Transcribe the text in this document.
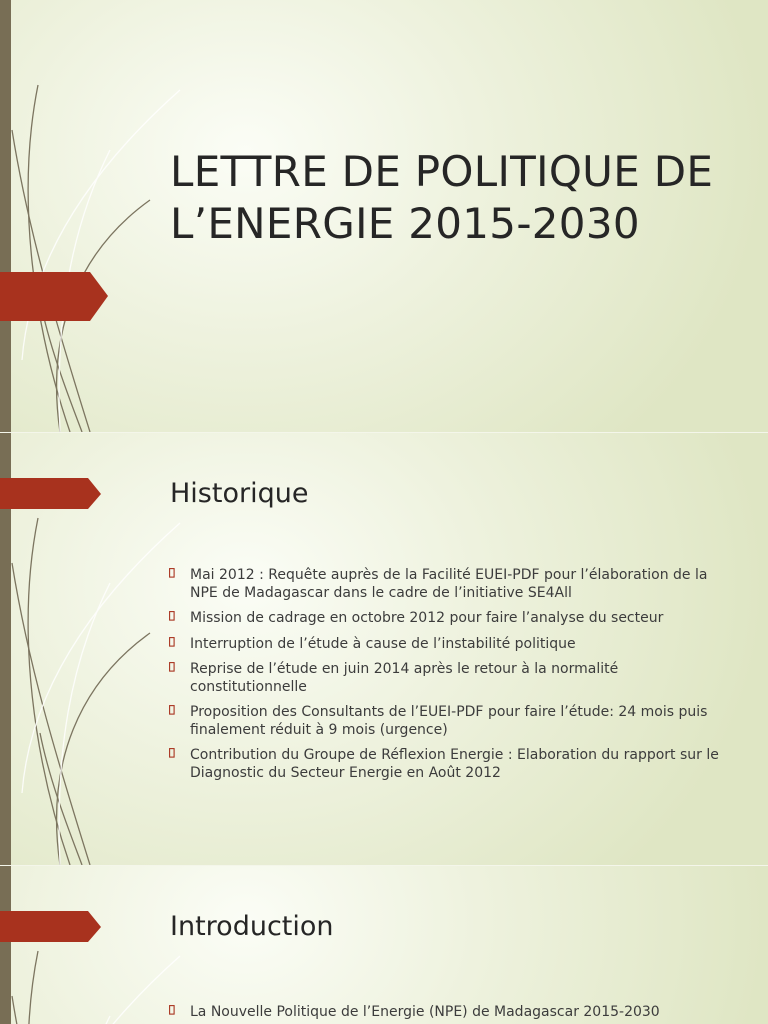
LETTRE DE POLITIQUE DE L’ENERGIE 2015-2030
Historique
Mai 2012 : Requête auprès de la Facilité EUEI-PDF pour l’élaboration de la NPE de Madagascar dans le cadre de l’initiative SE4All
Mission de cadrage en octobre 2012 pour faire l’analyse du secteur
Interruption de l’étude à cause de l’instabilité politique
Reprise de l’étude en juin 2014 après le retour à la normalité constitutionnelle
Proposition des Consultants de l’EUEI-PDF pour faire l’étude: 24 mois puis finalement réduit à 9 mois (urgence)
Contribution du Groupe de Réflexion Energie : Elaboration du rapport sur le Diagnostic du Secteur Energie en Août 2012
Introduction
La Nouvelle Politique de l’Energie (NPE) de Madagascar 2015-2030
